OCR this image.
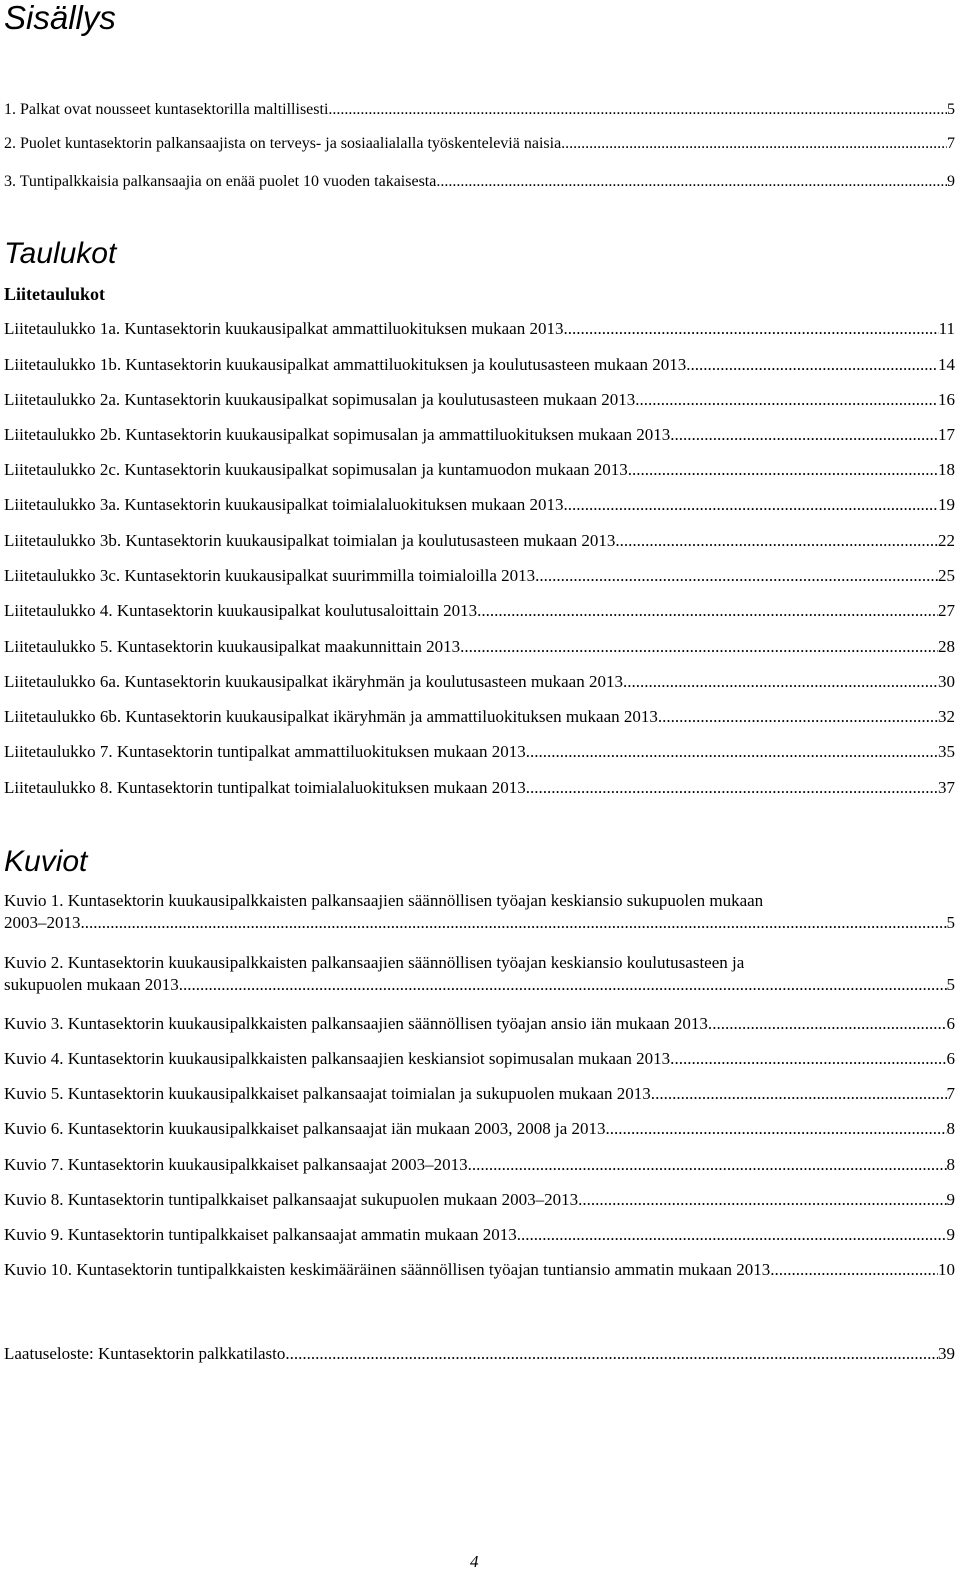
Sisällys
1. Palkat ovat nousseet kuntasektorilla maltillisesti. .....	5
2. Puolet kuntasektorin palkansaajista on terveys- ja sosiaalialalla työskenteleviä naisia. .....	7
3. Tuntipalkkaisia palkansaajia on enää puolet 10 vuoden takaisesta. .....	9
Taulukot
Liitetaulukot
Liitetaulukko 1a. Kuntasektorin kuukausipalkat ammattiluokituksen mukaan 2013. .....	11
Liitetaulukko 1b. Kuntasektorin kuukausipalkat ammattiluokituksen ja koulutusasteen mukaan 2013. .....	14
Liitetaulukko 2a. Kuntasektorin kuukausipalkat sopimusalan ja koulutusasteen mukaan 2013. .....	16
Liitetaulukko 2b. Kuntasektorin kuukausipalkat sopimusalan ja ammattiluokituksen mukaan 2013. .....	17
Liitetaulukko 2c. Kuntasektorin kuukausipalkat sopimusalan ja kuntamuodon mukaan 2013. .....	18
Liitetaulukko 3a. Kuntasektorin kuukausipalkat toimialaluokituksen mukaan 2013. .....	19
Liitetaulukko 3b. Kuntasektorin kuukausipalkat toimialan ja koulutusasteen mukaan 2013. .....	22
Liitetaulukko 3c. Kuntasektorin kuukausipalkat suurimmilla toimialoilla 2013. .....	25
Liitetaulukko 4. Kuntasektorin kuukausipalkat koulutusaloittain 2013. .....	27
Liitetaulukko 5. Kuntasektorin kuukausipalkat maakunnittain 2013. .....	28
Liitetaulukko 6a. Kuntasektorin kuukausipalkat ikäryhmän ja koulutusasteen mukaan 2013. .....	30
Liitetaulukko 6b. Kuntasektorin kuukausipalkat ikäryhmän ja ammattiluokituksen mukaan 2013. .....	32
Liitetaulukko 7. Kuntasektorin tuntipalkat ammattiluokituksen mukaan 2013. .....	35
Liitetaulukko 8. Kuntasektorin tuntipalkat toimialaluokituksen mukaan 2013. .....	37
Kuviot
Kuvio 1. Kuntasektorin kuukausipalkkaisten palkansaajien säännöllisen työajan keskiansio sukupuolen mukaan
2003–2013. .....	5
Kuvio 2. Kuntasektorin kuukausipalkkaisten palkansaajien säännöllisen työajan keskiansio koulutusasteen ja
sukupuolen mukaan 2013. .....	5
Kuvio 3. Kuntasektorin kuukausipalkkaisten palkansaajien säännöllisen työajan ansio iän mukaan 2013. .....	6
Kuvio 4. Kuntasektorin kuukausipalkkaisten palkansaajien keskiansiot sopimusalan mukaan 2013. .....	6
Kuvio 5. Kuntasektorin kuukausipalkkaiset palkansaajat toimialan ja sukupuolen mukaan 2013. .....	7
Kuvio 6. Kuntasektorin kuukausipalkkaiset palkansaajat iän mukaan 2003, 2008 ja 2013. .....	8
Kuvio 7. Kuntasektorin kuukausipalkkaiset palkansaajat 2003–2013. .....	8
Kuvio 8. Kuntasektorin tuntipalkkaiset palkansaajat sukupuolen mukaan 2003–2013. .....	9
Kuvio 9. Kuntasektorin tuntipalkkaiset palkansaajat ammatin mukaan 2013. .....	9
Kuvio 10. Kuntasektorin tuntipalkkaisten keskimääräinen säännöllisen työajan tuntiansio ammatin mukaan 2013. .....	10
Laatuseloste: Kuntasektorin palkkatilasto. .....	39
4
